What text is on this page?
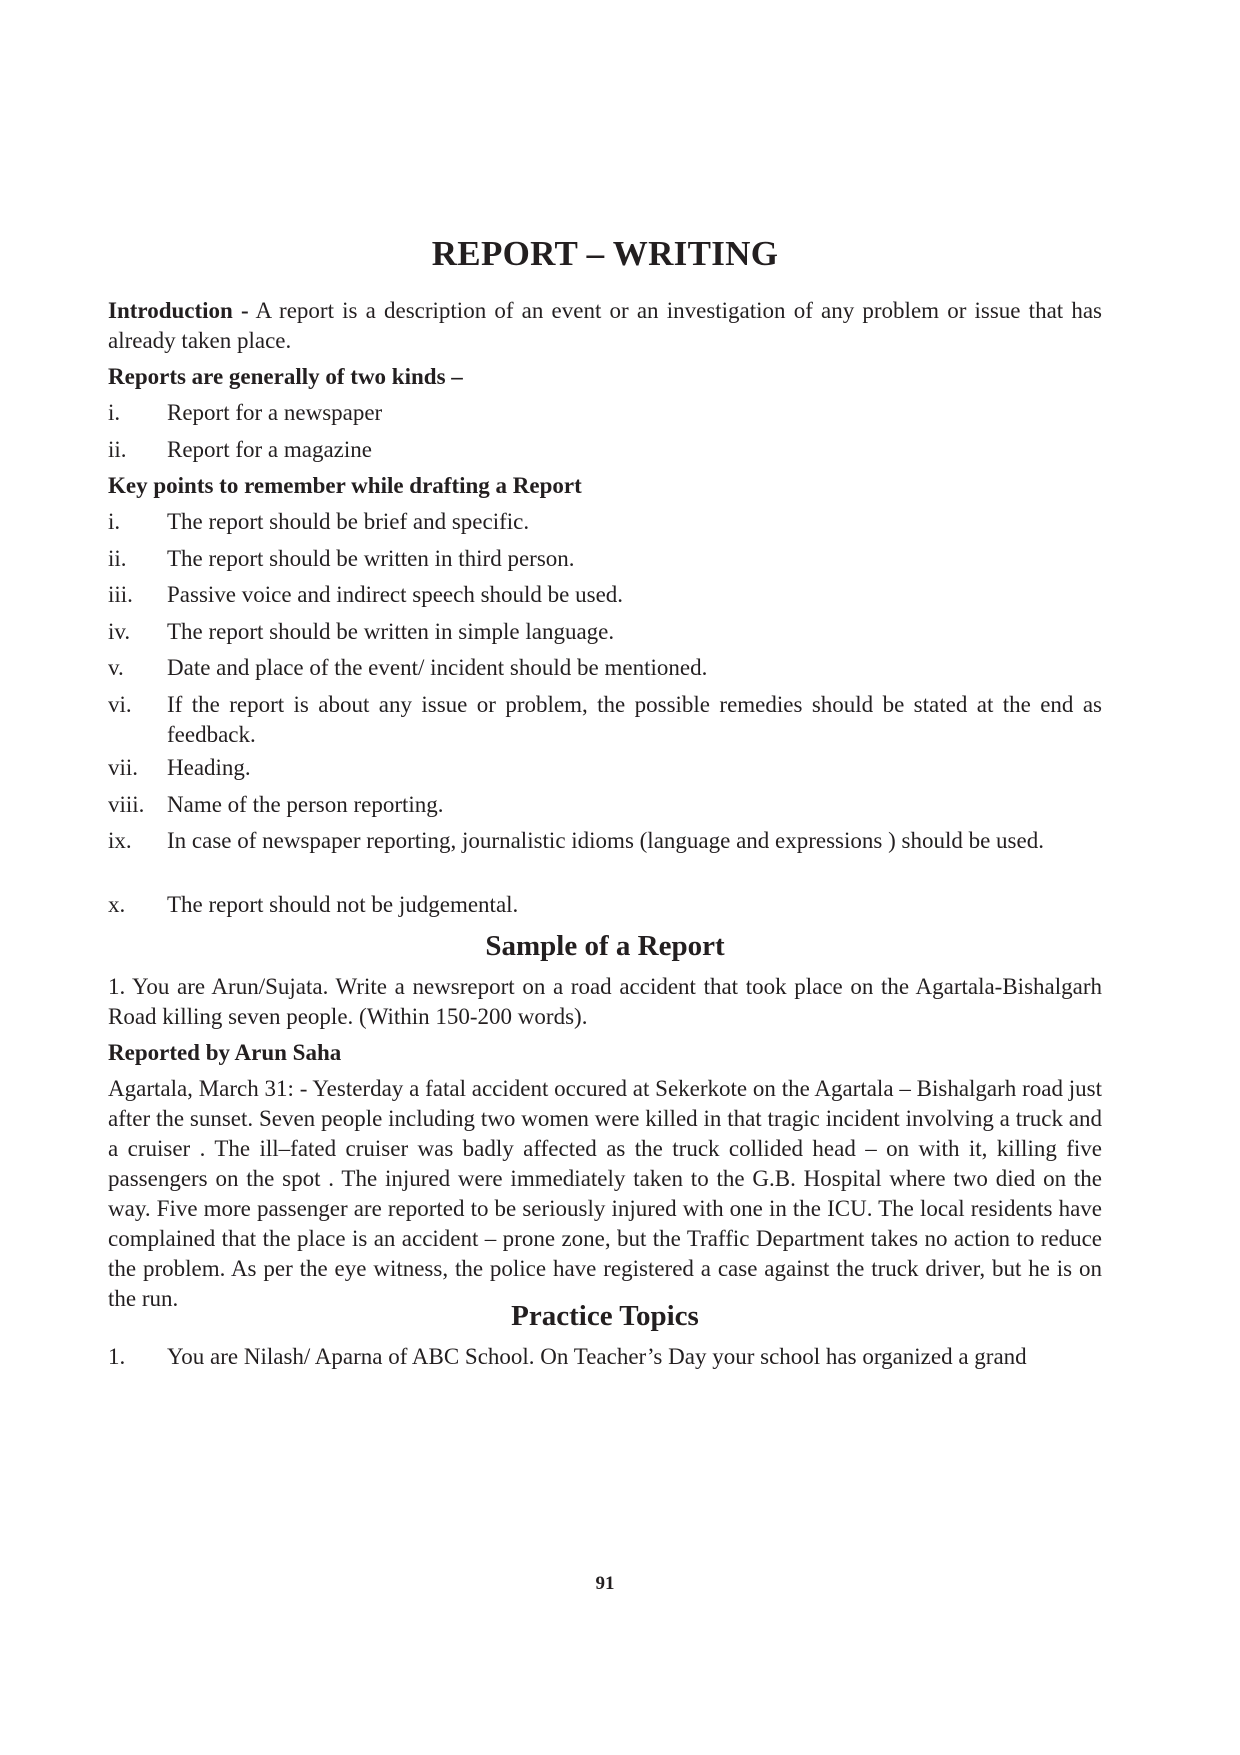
REPORT – WRITING

Introduction - A report is a description of an event or an investigation of any problem or issue that has already taken place.

Reports are generally of two kinds –

i.	Report for a newspaper
ii.	Report for a magazine

Key points to remember while drafting a Report

i.	The report should be brief and specific.
ii.	The report should be written in third person.
iii.	Passive voice and indirect speech should be used.
iv.	The report should be written in simple language.
v.	Date and place of the event/ incident should be mentioned.
vi.	If the report is about any issue or problem, the possible remedies should be stated at the end as feedback.
vii.	Heading.
viii. Name of the person reporting.
ix.	In case of newspaper reporting, journalistic idioms (language and expressions ) should be used.
x.	The report should not be judgemental.
Sample of a Report

1. You are Arun/Sujata. Write a newsreport on a road accident that took place on the Agartala-Bishalgarh Road killing seven people. (Within 150-200 words).

Reported by Arun Saha

Agartala, March 31: - Yesterday a fatal accident occured at Sekerkote on the Agartala – Bishalgarh road just after the sunset. Seven people including two women were killed in that tragic incident involving a truck and a cruiser . The ill–fated cruiser was badly affected as the truck collided head – on with it, killing five passengers on the spot . The injured were immediately taken to the G.B. Hospital where two died on the way. Five more passenger are reported to be seriously injured with one in the ICU. The local residents have complained that the place is an accident – prone zone, but the Traffic Department takes no action to reduce the problem. As per the eye witness, the police have registered a case against the truck driver, but he is on the run.

Practice Topics
1.	You are Nilash/ Aparna of ABC School. On Teacher’s Day your school has organized a grand
91
